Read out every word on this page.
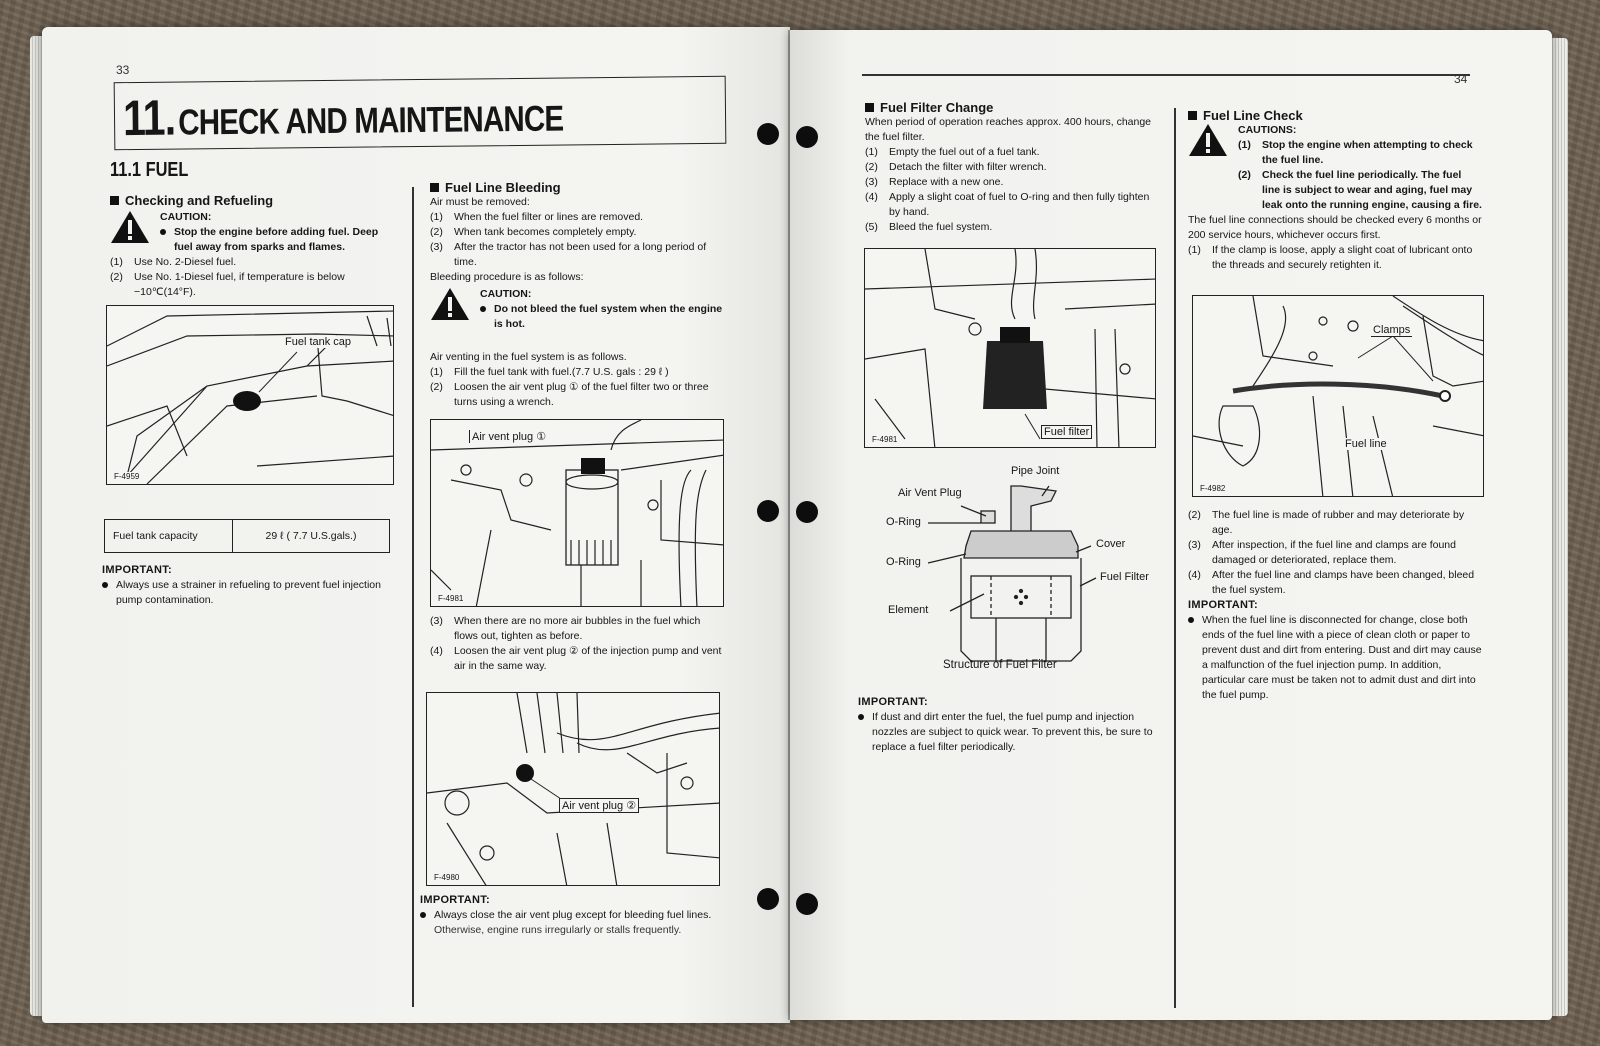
33
11. CHECK AND MAINTENANCE
11.1 FUEL
Checking and Refueling
CAUTION:
Stop the engine before adding fuel. Deep fuel away from sparks and flames.
(1)	Use No. 2-Diesel fuel.
(2)	Use No. 1-Diesel fuel, if temperature is below −10℃(14°F).
Fuel tank cap
F-4959
Fuel tank capacity	29 ℓ ( 7.7 U.S.gals.)
IMPORTANT:
Always use a strainer in refueling to prevent fuel injection pump contamination.
Fuel Line Bleeding
Air must be removed:
(1)	When the fuel filter or lines are removed.
(2)	When tank becomes completely empty.
(3)	After the tractor has not been used for a long period of time.
Bleeding procedure is as follows:
CAUTION:
Do not bleed the fuel system when the engine is hot.
Air venting in the fuel system is as follows.
(1)	Fill the fuel tank with fuel.(7.7 U.S. gals : 29 ℓ )
(2)	Loosen the air vent plug ① of the fuel filter two or three turns using a wrench.
Air vent plug ①
F-4981
(3)	When there are no more air bubbles in the fuel which flows out, tighten as before.
(4)	Loosen the air vent plug ② of the injection pump and vent air in the same way.
Air vent plug ②
F-4980
IMPORTANT:
Always close the air vent plug except for bleeding fuel lines.
Otherwise, engine runs irregularly or stalls frequently.
34
Fuel Filter Change
When period of operation reaches approx. 400 hours, change the fuel filter.
(1)	Empty the fuel out of a fuel tank.
(2)	Detach the filter with filter wrench.
(3)	Replace with a new one.
(4)	Apply a slight coat of fuel to O-ring and then fully tighten by hand.
(5)	Bleed the fuel system.
Fuel filter
F-4981
Pipe Joint
Air Vent Plug
O-Ring
Cover
O-Ring
Fuel Filter
Element
Structure of Fuel Filter
IMPORTANT:
If dust and dirt enter the fuel, the fuel pump and injection nozzles are subject to quick wear. To prevent this, be sure to replace a fuel filter periodically.
Fuel Line Check
CAUTIONS:
(1)	Stop the engine when attempting to check the fuel line.
(2)	Check the fuel line periodically. The fuel line is subject to wear and aging, fuel may leak onto the running engine, causing a fire.
The fuel line connections should be checked every 6 months or 200 service hours, whichever occurs first.
(1)	If the clamp is loose, apply a slight coat of lubricant onto the threads and securely retighten it.
Clamps
Fuel line
F-4982
(2)	The fuel line is made of rubber and may deteriorate by age.
(3)	After inspection, if the fuel line and clamps are found damaged or deteriorated, replace them.
(4)	After the fuel line and clamps have been changed, bleed the fuel system.
IMPORTANT:
When the fuel line is disconnected for change, close both ends of the fuel line with a piece of clean cloth or paper to prevent dust and dirt from entering. Dust and dirt may cause a malfunction of the fuel injection pump. In addition, particular care must be taken not to admit dust and dirt into the fuel pump.
